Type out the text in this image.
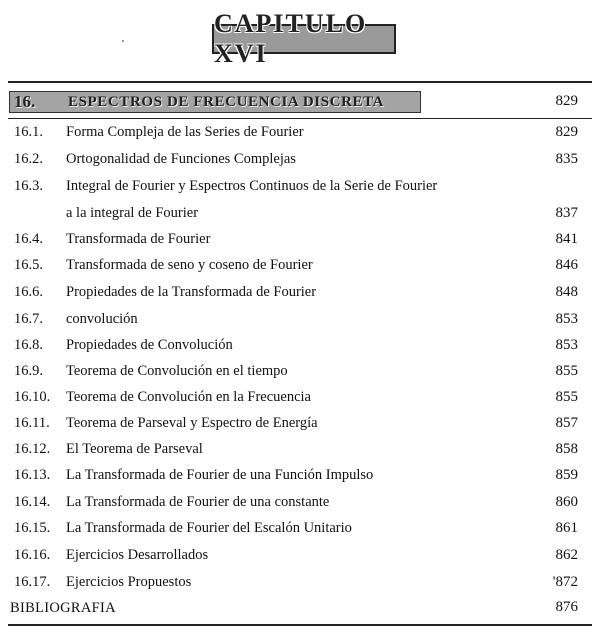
CAPITULO XVI
16.	ESPECTROS DE FRECUENCIA DISCRETA	829
16.1. Forma Compleja de las Series de Fourier	829
16.2. Ortogonalidad de Funciones Complejas	835
16.3. Integral de Fourier y Espectros Continuos de la Serie de Fourier
a la integral de Fourier	837
16.4. Transformada de Fourier	841
16.5. Transformada de seno y coseno de Fourier	846
16.6. Propiedades de la Transformada de Fourier	848
16.7. convolución	853
16.8. Propiedades de Convolución	853
16.9. Teorema de Convolución en el tiempo	855
16.10. Teorema de Convolución en la Frecuencia	855
16.11. Teorema de Parseval y Espectro de Energía	857
16.12. El Teorema de Parseval	858
16.13. La Transformada de Fourier de una Función Impulso	859
16.14. La Transformada de Fourier de una constante	860
16.15. La Transformada de Fourier del Escalón Unitario	861
16.16. Ejercicios Desarrollados	862
16.17. Ejercicios Propuestos	'872
BIBLIOGRAFIA	876
